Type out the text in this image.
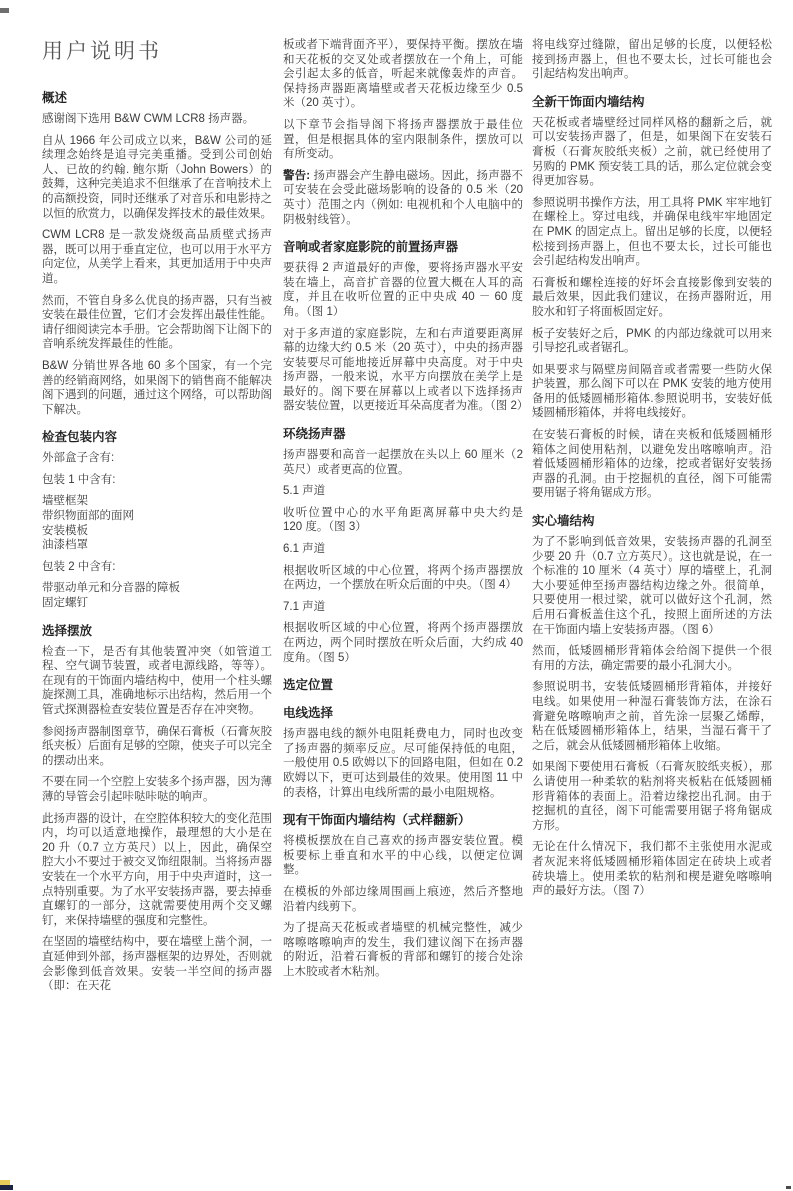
用户说明书
概述

感谢阁下选用 B&W CWM LCR8 扬声器。

自从 1966 年公司成立以来，B&W 公司的延续理念始终是追寻完美重播。受到公司创始人、已故的约翰. 鲍尔斯（John Bowers）的鼓舞，这种完美追求不但继承了在音响技术上的高额投资，同时还继承了对音乐和电影持之以恒的欣赏力，以确保发挥技术的最佳效果。

CWM LCR8 是一款发烧级高品质壁式扬声器，既可以用于垂直定位，也可以用于水平方向定位，从美学上看来，其更加适用于中央声道。

然而，不管自身多么优良的扬声器，只有当被安装在最佳位置，它们才会发挥出最佳性能。请仔细阅读完本手册。它会帮助阁下让阁下的音响系统发挥最佳的性能。

B&W 分销世界各地 60 多个国家，有一个完善的经销商网络，如果阁下的销售商不能解决阁下遇到的问题，通过这个网络，可以帮助阁下解决。

检查包装内容

外部盒子含有:

包装 1 中含有:

墙壁框架
带织物面部的面网
安装模板
油漆档罩

包装 2 中含有:

带驱动单元和分音器的障板
固定螺钉

选择摆放

检查一下，是否有其他装置冲突（如管道工程、空气调节装置，或者电源线路，等等）。在现有的干饰面内墙结构中，使用一个柱头螺旋探测工具，准确地标示出结构，然后用一个管式探测器检查安装位置是否存在冲突物。

参阅扬声器制图章节，确保石膏板（石膏灰胶纸夹板）后面有足够的空隙，使夹子可以完全的摆动出来。

不要在同一个空腔上安装多个扬声器，因为薄薄的导管会引起咔哒咔哒的响声。

此扬声器的设计，在空腔体积较大的变化范围内，均可以适意地操作，最理想的大小是在 20 升（0.7 立方英尺）以上，因此，确保空腔大小不要过于被交叉饰纽限制。当将扬声器安装在一个水平方向，用于中央声道时，这一点特别重要。为了水平安装扬声器，要去掉垂直螺钉的一部分，这就需要使用两个交叉螺钉，来保持墙壁的强度和完整性。

在坚固的墙壁结构中，要在墙壁上凿个洞，一直延伸到外部，扬声器框架的边界处，否则就会影像到低音效果。安装一半空间的扬声器（即：在天花

板或者下端背面齐平），要保持平衡。摆放在墙和天花板的交叉处或者摆放在一个角上，可能会引起太多的低音，听起来就像轰炸的声音。保持扬声器距离墙壁或者天花板边缘至少 0.5 米（20 英寸）。

以下章节会指导阁下将扬声器摆放于最佳位置，但是根据具体的室内限制条件，摆放可以有所变动。

警告: 扬声器会产生静电磁场。因此，扬声器不可安装在会受此磁场影响的设备的 0.5 米（20 英寸）范围之内（例如: 电视机和个人电脑中的阴极射线管）。

音响或者家庭影院的前置扬声器

要获得 2 声道最好的声像，要将扬声器水平安装在墙上，高音扩音器的位置大概在人耳的高度，并且在收听位置的正中央成 40 － 60 度角。（图 1）

对于多声道的家庭影院，左和右声道要距离屏幕的边缘大约 0.5 米（20 英寸），中央的扬声器安装要尽可能地接近屏幕中央高度。对于中央扬声器，一般来说，水平方向摆放在美学上是最好的。阁下要在屏幕以上或者以下选择扬声器安装位置，以更接近耳朵高度者为准。（图 2）

环绕扬声器

扬声器要和高音一起摆放在头以上 60 厘米（2 英尺）或者更高的位置。

5.1 声道

收听位置中心的水平角距离屏幕中央大约是 120 度。（图 3）

6.1 声道

根据收听区域的中心位置，将两个扬声器摆放在两边，一个摆放在听众后面的中央。（图 4）

7.1 声道

根据收听区域的中心位置，将两个扬声器摆放在两边，两个同时摆放在听众后面，大约成 40 度角。（图 5）

选定位置
电线选择

扬声器电线的额外电阻耗费电力，同时也改变了扬声器的频率反应。尽可能保持低的电阻，一般使用 0.5 欧姆以下的回路电阻，但如在 0.2 欧姆以下，更可达到最佳的效果。使用图 11 中的表格，计算出电线所需的最小电阻规格。

现有干饰面内墙结构（式样翻新）

将模板摆放在自己喜欢的扬声器安装位置。模板要标上垂直和水平的中心线，以便定位调整。

在模板的外部边缘周围画上痕迹，然后齐整地沿着内线剪下。

为了提高天花板或者墙壁的机械完整性，减少喀嚓喀嚓响声的发生，我们建议阁下在扬声器的附近，沿着石膏板的背部和螺钉的接合处涂上木胶或者木粘剂。

将电线穿过缝隙，留出足够的长度，以便轻松接到扬声器上，但也不要太长，过长可能也会引起结构发出响声。

全新干饰面内墙结构

天花板或者墙壁经过同样风格的翻新之后，就可以安装扬声器了，但是，如果阁下在安装石膏板（石膏灰胶纸夹板）之前，就已经使用了另购的 PMK 预安装工具的话，那么定位就会变得更加容易。

参照说明书操作方法，用工具将 PMK 牢牢地钉在螺栓上。穿过电线，并确保电线牢牢地固定在 PMK 的固定点上。留出足够的长度，以便轻松接到扬声器上，但也不要太长，过长可能也会引起结构发出响声。

石膏板和螺栓连接的好坏会直接影像到安装的最后效果，因此我们建议，在扬声器附近，用胶水和钉子将面板固定好。

板子安装好之后，PMK 的内部边缘就可以用来引导挖孔或者锯孔。

如果要求与隔壁房间隔音或者需要一些防火保护装置，那么阁下可以在 PMK 安装的地方使用备用的低矮圆桶形箱体.参照说明书，安装好低矮圆桶形箱体，并将电线接好。

在安装石膏板的时候，请在夹板和低矮圆桶形箱体之间使用粘剂，以避免发出喀嚓响声。沿着低矮圆桶形箱体的边缘，挖或者锯好安装扬声器的孔洞。由于挖掘机的直径，阁下可能需要用锯子将角锯成方形。

实心墙结构

为了不影响到低音效果，安装扬声器的孔洞至少要 20 升（0.7 立方英尺）。这也就是说，在一个标准的 10 厘米（4 英寸）厚的墙壁上，孔洞大小要延伸至扬声器结构边缘之外。很简单，只要使用一根过梁，就可以做好这个孔洞，然后用石膏板盖住这个孔，按照上面所述的方法在干饰面内墙上安装扬声器。（图 6）

然而，低矮圆桶形背箱体会给阁下提供一个很有用的方法，确定需要的最小孔洞大小。

参照说明书，安装低矮圆桶形背箱体，并接好电线。如果使用一种湿石膏装饰方法，在涂石膏避免喀嚓响声之前，首先涂一层聚乙烯醇，粘在低矮圆桶形箱体上，结果，当湿石膏干了之后，就会从低矮圆桶形箱体上收缩。

如果阁下要使用石膏板（石膏灰胶纸夹板），那么请使用一种柔软的粘剂将夹板粘在低矮圆桶形背箱体的表面上。沿着边缘挖出孔洞。由于挖掘机的直径，阁下可能需要用锯子将角锯成方形。

无论在什么情况下，我们都不主张使用水泥或者灰泥来将低矮圆桶形箱体固定在砖块上或者砖块墙上。使用柔软的粘剂和楔是避免喀嚓响声的最好方法。（图 7）
